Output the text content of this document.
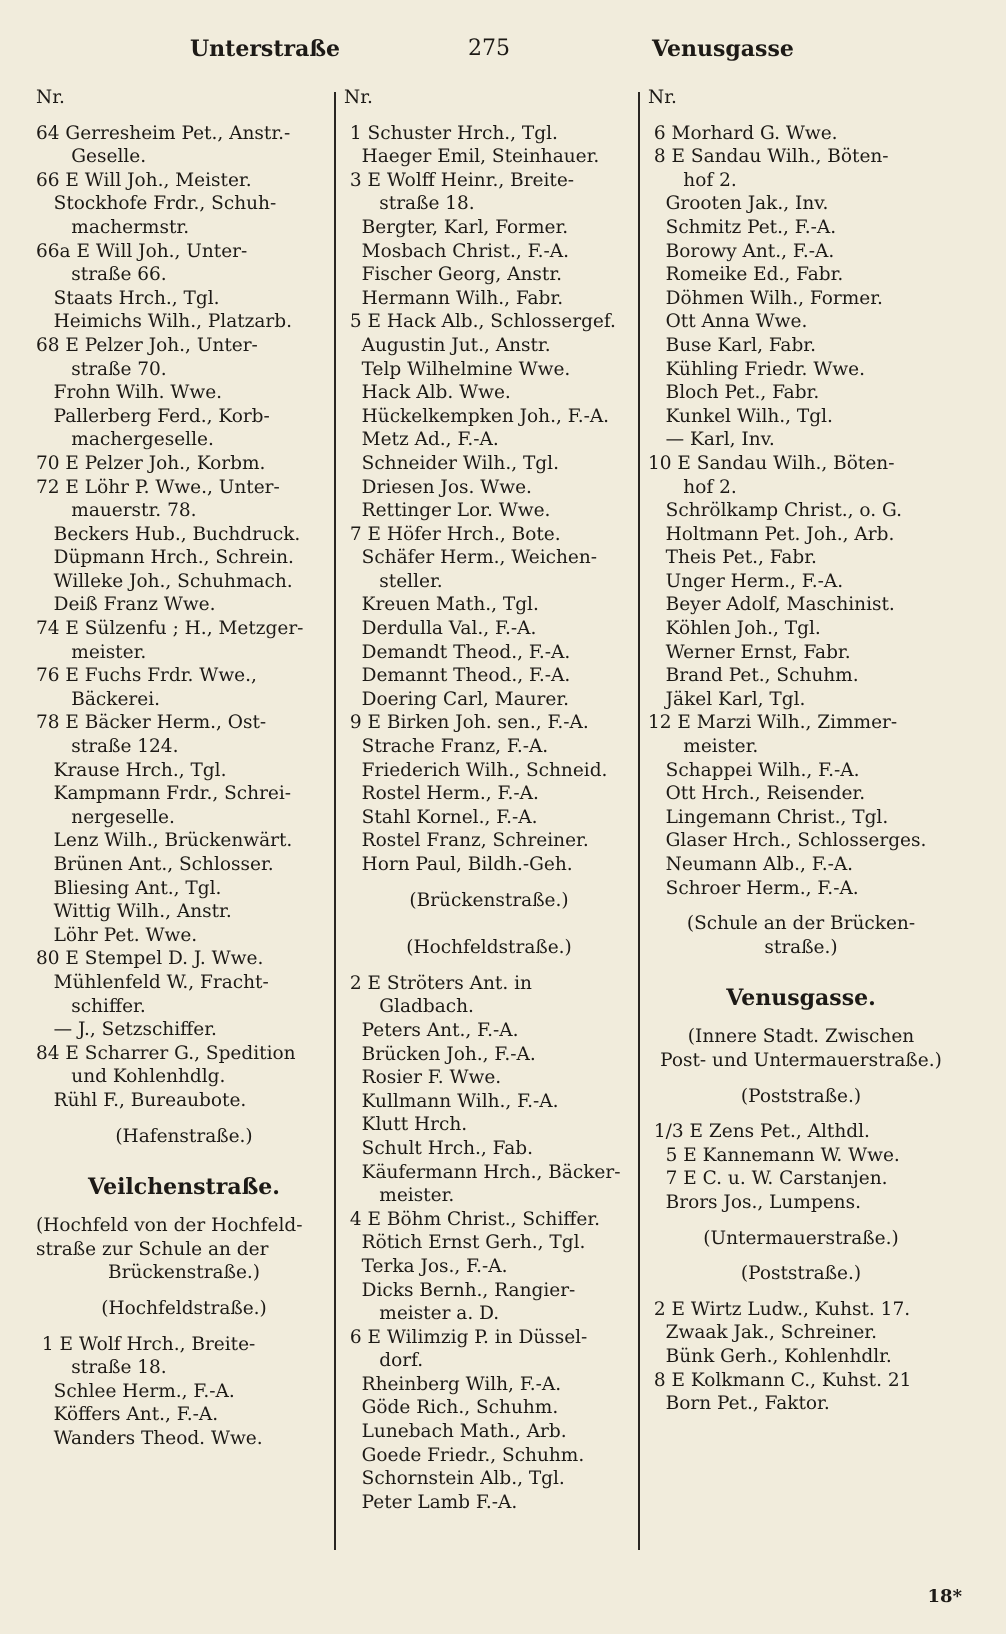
Unterstraße	275	Venusgasse
Nr.
64 Gerresheim Pet., Anstr.-
Geselle.
66 E Will Joh., Meister.
Stockhofe Frdr., Schuh-
machermstr.
66a E Will Joh., Unter-
straße 66.
Staats Hrch., Tgl.
Heimichs Wilh., Platzarb.
68 E Pelzer Joh., Unter-
straße 70.
Frohn Wilh. Wwe.
Pallerberg Ferd., Korb-
machergeselle.
70 E Pelzer Joh., Korbm.
72 E Löhr P. Wwe., Unter-
mauerstr. 78.
Beckers Hub., Buchdruck.
Düpmann Hrch., Schrein.
Willeke Joh., Schuhmach.
Deiß Franz Wwe.
74 E Sülzenfu ; H., Metzger-
meister.
76 E Fuchs Frdr. Wwe.,
Bäckerei.
78 E Bäcker Herm., Ost-
straße 124.
Krause Hrch., Tgl.
Kampmann Frdr., Schrei-
nergeselle.
Lenz Wilh., Brückenwärt.
Brünen Ant., Schlosser.
Bliesing Ant., Tgl.
Wittig Wilh., Anstr.
Löhr Pet. Wwe.
80 E Stempel D. J. Wwe.
Mühlenfeld W., Fracht-
schiffer.
— J., Setzschiffer.
84 E Scharrer G., Spedition
und Kohlenhdlg.
Rühl F., Bureaubote.
(Hafenstraße.)
Veilchenstraße.
(Hochfeld von der Hochfeld-
straße zur Schule an der
Brückenstraße.)
(Hochfeldstraße.)
1 E Wolf Hrch., Breite-
straße 18.
Schlee Herm., F.-A.
Köffers Ant., F.-A.
Wanders Theod. Wwe.
Nr.
1 Schuster Hrch., Tgl.
Haeger Emil, Steinhauer.
3 E Wolff Heinr., Breite-
straße 18.
Bergter, Karl, Former.
Mosbach Christ., F.-A.
Fischer Georg, Anstr.
Hermann Wilh., Fabr.
5 E Hack Alb., Schlossergef.
Augustin Jut., Anstr.
Telp Wilhelmine Wwe.
Hack Alb. Wwe.
Hückelkempken Joh., F.-A.
Metz Ad., F.-A.
Schneider Wilh., Tgl.
Driesen Jos. Wwe.
Rettinger Lor. Wwe.
7 E Höfer Hrch., Bote.
Schäfer Herm., Weichen-
steller.
Kreuen Math., Tgl.
Derdulla Val., F.-A.
Demandt Theod., F.-A.
Demannt Theod., F.-A.
Doering Carl, Maurer.
9 E Birken Joh. sen., F.-A.
Strache Franz, F.-A.
Friederich Wilh., Schneid.
Rostel Herm., F.-A.
Stahl Kornel., F.-A.
Rostel Franz, Schreiner.
Horn Paul, Bildh.-Geh.
(Brückenstraße.)
(Hochfeldstraße.)
2 E Ströters Ant. in
Gladbach.
Peters Ant., F.-A.
Brücken Joh., F.-A.
Rosier F. Wwe.
Kullmann Wilh., F.-A.
Klutt Hrch.
Schult Hrch., Fab.
Käufermann Hrch., Bäcker-
meister.
4 E Böhm Christ., Schiffer.
Rötich Ernst Gerh., Tgl.
Terka Jos., F.-A.
Dicks Bernh., Rangier-
meister a. D.
6 E Wilimzig P. in Düssel-
dorf.
Rheinberg Wilh, F.-A.
Göde Rich., Schuhm.
Lunebach Math., Arb.
Goede Friedr., Schuhm.
Schornstein Alb., Tgl.
Peter Lamb F.-A.
Nr.
6 Morhard G. Wwe.
8 E Sandau Wilh., Böten-
hof 2.
Grooten Jak., Inv.
Schmitz Pet., F.-A.
Borowy Ant., F.-A.
Romeike Ed., Fabr.
Döhmen Wilh., Former.
Ott Anna Wwe.
Buse Karl, Fabr.
Kühling Friedr. Wwe.
Bloch Pet., Fabr.
Kunkel Wilh., Tgl.
— Karl, Inv.
10 E Sandau Wilh., Böten-
hof 2.
Schrölkamp Christ., o. G.
Holtmann Pet. Joh., Arb.
Theis Pet., Fabr.
Unger Herm., F.-A.
Beyer Adolf, Maschinist.
Köhlen Joh., Tgl.
Werner Ernst, Fabr.
Brand Pet., Schuhm.
Jäkel Karl, Tgl.
12 E Marzi Wilh., Zimmer-
meister.
Schappei Wilh., F.-A.
Ott Hrch., Reisender.
Lingemann Christ., Tgl.
Glaser Hrch., Schlosserges.
Neumann Alb., F.-A.
Schroer Herm., F.-A.
(Schule an der Brücken-
straße.)
Venusgasse.
(Innere Stadt. Zwischen
Post- und Untermauerstraße.)
(Poststraße.)
1/3 E Zens Pet., Althdl.
5 E Kannemann W. Wwe.
7 E C. u. W. Carstanjen.
Brors Jos., Lumpens.
(Untermauerstraße.)
(Poststraße.)
2 E Wirtz Ludw., Kuhst. 17.
Zwaak Jak., Schreiner.
Bünk Gerh., Kohlenhdlr.
8 E Kolkmann C., Kuhst. 21
Born Pet., Faktor.
18*
